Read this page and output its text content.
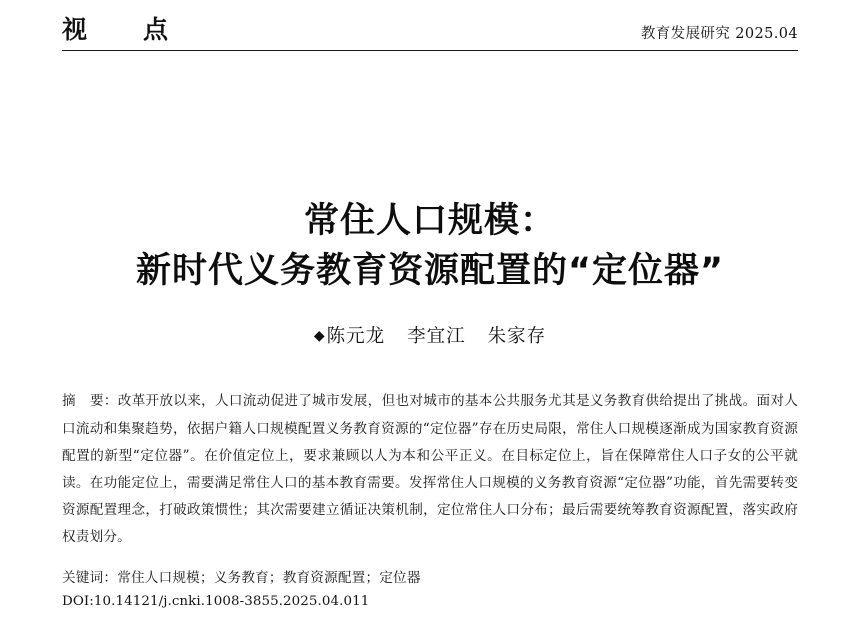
视 点	教育发展研究 2025.04
常住人口规模：
新时代义务教育资源配置的“定位器”
◆陈元龙 李宜江 朱家存
摘 要：改革开放以来，人口流动促进了城市发展，但也对城市的基本公共服务尤其是义务教育供给提出了挑战。面对人口流动和集聚趋势，依据户籍人口规模配置义务教育资源的“定位器”存在历史局限，常住人口规模逐渐成为国家教育资源配置的新型“定位器”。在价值定位上，要求兼顾以人为本和公平正义。在目标定位上，旨在保障常住人口子女的公平就读。在功能定位上，需要满足常住人口的基本教育需要。发挥常住人口规模的义务教育资源“定位器”功能，首先需要转变资源配置理念，打破政策惯性；其次需要建立循证决策机制，定位常住人口分布；最后需要统筹教育资源配置，落实政府权责划分。
关键词：常住人口规模；义务教育；教育资源配置；定位器
DOI:10.14121/j.cnki.1008-3855.2025.04.011
